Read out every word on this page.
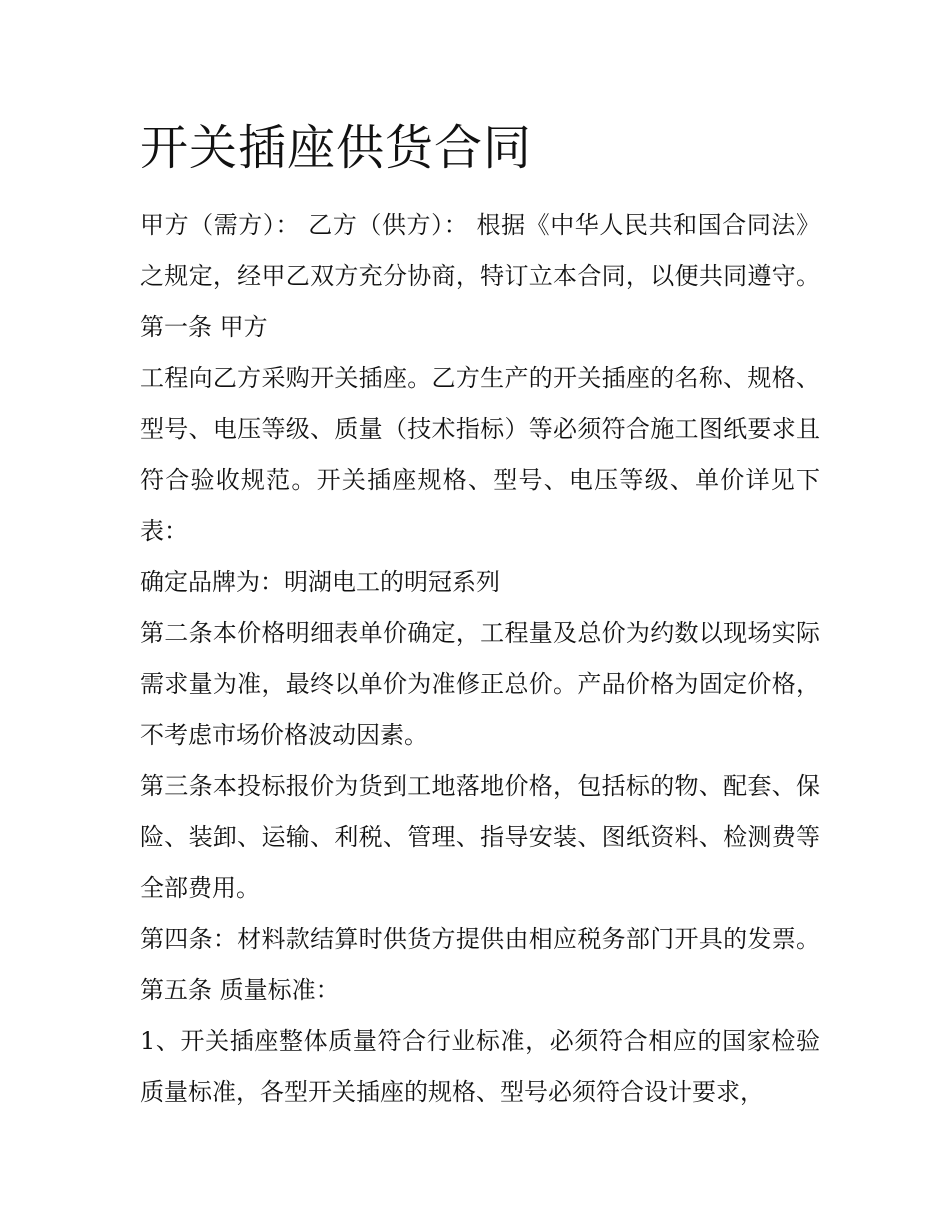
开关插座供货合同

甲方（需方）： 乙方（供方）： 根据《中华人民共和国合同法》之规定，经甲乙双方充分协商，特订立本合同，以便共同遵守。 第一条 甲方

工程向乙方采购开关插座。乙方生产的开关插座的名称、规格、型号、电压等级、质量（技术指标）等必须符合施工图纸要求且符合验收规范。开关插座规格、型号、电压等级、单价详见下表：

确定品牌为：明湖电工的明冠系列

第二条本价格明细表单价确定，工程量及总价为约数以现场实际需求量为准，最终以单价为准修正总价。产品价格为固定价格，不考虑市场价格波动因素。

第三条本投标报价为货到工地落地价格，包括标的物、配套、保险、装卸、运输、利税、管理、指导安装、图纸资料、检测费等全部费用。

第四条：材料款结算时供货方提供由相应税务部门开具的发票。 第五条 质量标准：

1、开关插座整体质量符合行业标准，必须符合相应的国家检验质量标准，各型开关插座的规格、型号必须符合设计要求，
